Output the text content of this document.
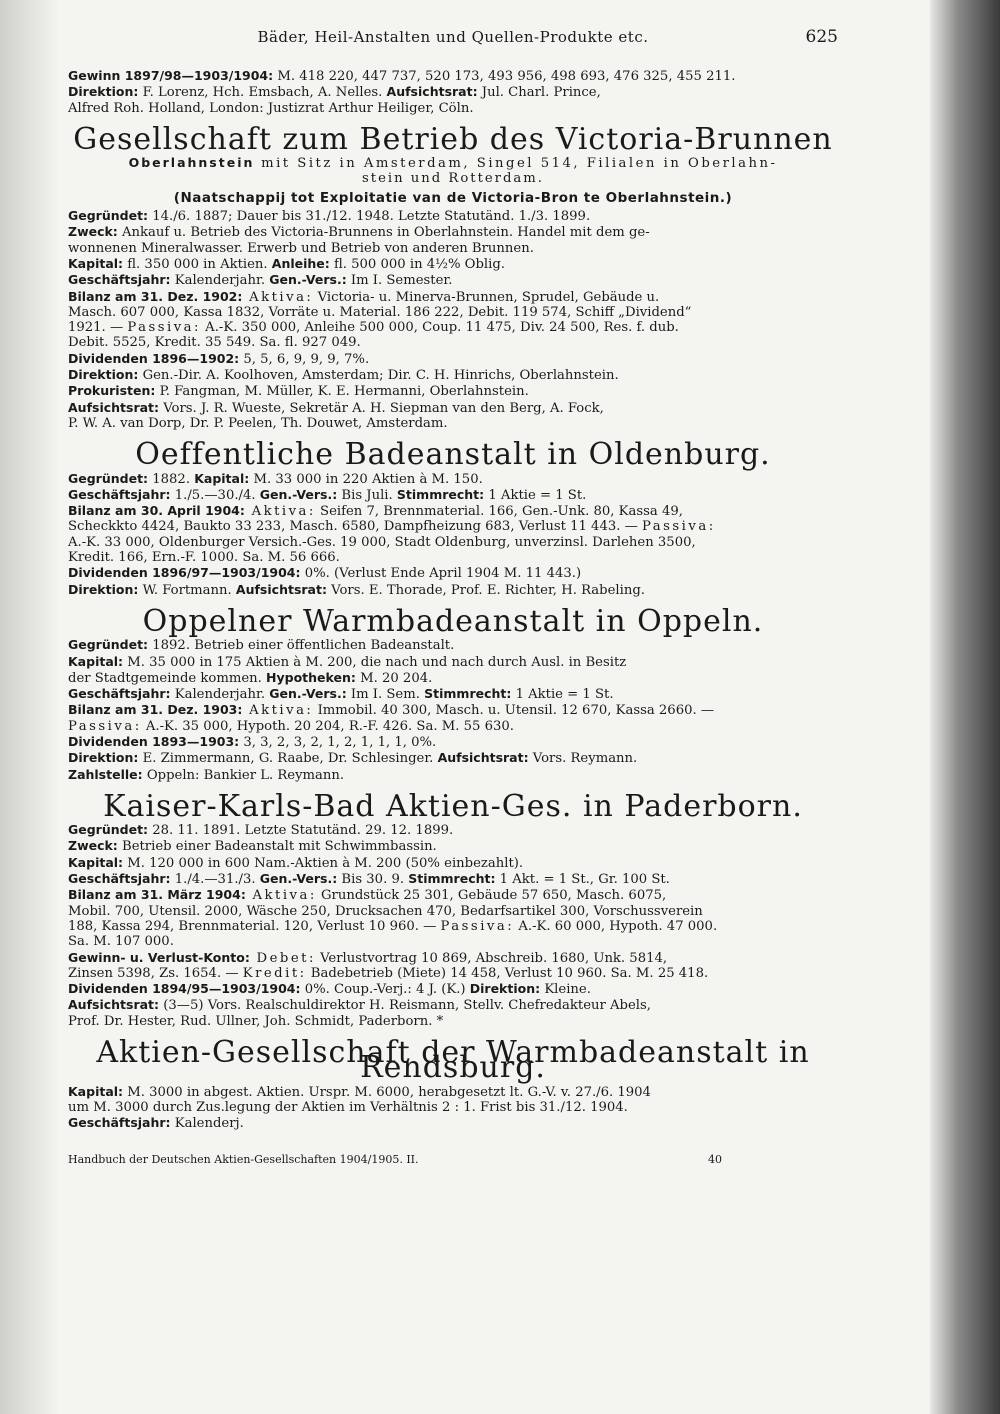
Bäder, Heil-Anstalten und Quellen-Produkte etc.	625
Gewinn 1897/98—1903/1904: M. 418 220, 447 737, 520 173, 493 956, 498 693, 476 325, 455 211.
Direktion: F. Lorenz, Hch. Emsbach, A. Nelles. Aufsichtsrat: Jul. Charl. Prince,
Alfred Roh. Holland, London: Justizrat Arthur Heiliger, Cöln.
Gesellschaft zum Betrieb des Victoria-Brunnen
Oberlahnstein mit Sitz in Amsterdam, Singel 514, Filialen in Oberlahn-
stein und Rotterdam.
(Naatschappij tot Exploitatie van de Victoria-Bron te Oberlahnstein.)
Gegründet: 14./6. 1887; Dauer bis 31./12. 1948. Letzte Statutänd. 1./3. 1899.
Zweck: Ankauf u. Betrieb des Victoria-Brunnens in Oberlahnstein. Handel mit dem ge-
wonnenen Mineralwasser. Erwerb und Betrieb von anderen Brunnen.
Kapital: fl. 350 000 in Aktien. Anleihe: fl. 500 000 in 4½% Oblig.
Geschäftsjahr: Kalenderjahr. Gen.-Vers.: Im I. Semester.
Bilanz am 31. Dez. 1902: Aktiva: Victoria- u. Minerva-Brunnen, Sprudel, Gebäude u.
Masch. 607 000, Kassa 1832, Vorräte u. Material. 186 222, Debit. 119 574, Schiff „Dividend“
1921. — Passiva: A.-K. 350 000, Anleihe 500 000, Coup. 11 475, Div. 24 500, Res. f. dub.
Debit. 5525, Kredit. 35 549. Sa. fl. 927 049.
Dividenden 1896—1902: 5, 5, 6, 9, 9, 9, 7%.
Direktion: Gen.-Dir. A. Koolhoven, Amsterdam; Dir. C. H. Hinrichs, Oberlahnstein.
Prokuristen: P. Fangman, M. Müller, K. E. Hermanni, Oberlahnstein.
Aufsichtsrat: Vors. J. R. Wueste, Sekretär A. H. Siepman van den Berg, A. Fock,
P. W. A. van Dorp, Dr. P. Peelen, Th. Douwet, Amsterdam.
Oeffentliche Badeanstalt in Oldenburg.
Gegründet: 1882. Kapital: M. 33 000 in 220 Aktien à M. 150.
Geschäftsjahr: 1./5.—30./4. Gen.-Vers.: Bis Juli. Stimmrecht: 1 Aktie = 1 St.
Bilanz am 30. April 1904: Aktiva: Seifen 7, Brennmaterial. 166, Gen.-Unk. 80, Kassa 49,
Scheckkto 4424, Baukto 33 233, Masch. 6580, Dampfheizung 683, Verlust 11 443. — Passiva:
A.-K. 33 000, Oldenburger Versich.-Ges. 19 000, Stadt Oldenburg, unverzinsl. Darlehen 3500,
Kredit. 166, Ern.-F. 1000. Sa. M. 56 666.
Dividenden 1896/97—1903/1904: 0%. (Verlust Ende April 1904 M. 11 443.)
Direktion: W. Fortmann. Aufsichtsrat: Vors. E. Thorade, Prof. E. Richter, H. Rabeling.
Oppelner Warmbadeanstalt in Oppeln.
Gegründet: 1892. Betrieb einer öffentlichen Badeanstalt.
Kapital: M. 35 000 in 175 Aktien à M. 200, die nach und nach durch Ausl. in Besitz
der Stadtgemeinde kommen. Hypotheken: M. 20 204.
Geschäftsjahr: Kalenderjahr. Gen.-Vers.: Im I. Sem. Stimmrecht: 1 Aktie = 1 St.
Bilanz am 31. Dez. 1903: Aktiva: Immobil. 40 300, Masch. u. Utensil. 12 670, Kassa 2660. —
Passiva: A.-K. 35 000, Hypoth. 20 204, R.-F. 426. Sa. M. 55 630.
Dividenden 1893—1903: 3, 3, 2, 3, 2, 1, 2, 1, 1, 1, 0%.
Direktion: E. Zimmermann, G. Raabe, Dr. Schlesinger. Aufsichtsrat: Vors. Reymann.
Zahlstelle: Oppeln: Bankier L. Reymann.
Kaiser-Karls-Bad Aktien-Ges. in Paderborn.
Gegründet: 28. 11. 1891. Letzte Statutänd. 29. 12. 1899.
Zweck: Betrieb einer Badeanstalt mit Schwimmbassin.
Kapital: M. 120 000 in 600 Nam.-Aktien à M. 200 (50% einbezahlt).
Geschäftsjahr: 1./4.—31./3. Gen.-Vers.: Bis 30. 9. Stimmrecht: 1 Akt. = 1 St., Gr. 100 St.
Bilanz am 31. März 1904: Aktiva: Grundstück 25 301, Gebäude 57 650, Masch. 6075,
Mobil. 700, Utensil. 2000, Wäsche 250, Drucksachen 470, Bedarfsartikel 300, Vorschussverein
188, Kassa 294, Brennmaterial. 120, Verlust 10 960. — Passiva: A.-K. 60 000, Hypoth. 47 000.
Sa. M. 107 000.
Gewinn- u. Verlust-Konto: Debet: Verlustvortrag 10 869, Abschreib. 1680, Unk. 5814,
Zinsen 5398, Zs. 1654. — Kredit: Badebetrieb (Miete) 14 458, Verlust 10 960. Sa. M. 25 418.
Dividenden 1894/95—1903/1904: 0%. Coup.-Verj.: 4 J. (K.) Direktion: Kleine.
Aufsichtsrat: (3—5) Vors. Realschuldirektor H. Reismann, Stellv. Chefredakteur Abels,
Prof. Dr. Hester, Rud. Ullner, Joh. Schmidt, Paderborn. *
Aktien-Gesellschaft der Warmbadeanstalt in Rendsburg.
Kapital: M. 3000 in abgest. Aktien. Urspr. M. 6000, herabgesetzt lt. G.-V. v. 27./6. 1904
um M. 3000 durch Zus.legung der Aktien im Verhältnis 2 : 1. Frist bis 31./12. 1904.
Geschäftsjahr: Kalenderj.
Handbuch der Deutschen Aktien-Gesellschaften 1904/1905. II.	40
